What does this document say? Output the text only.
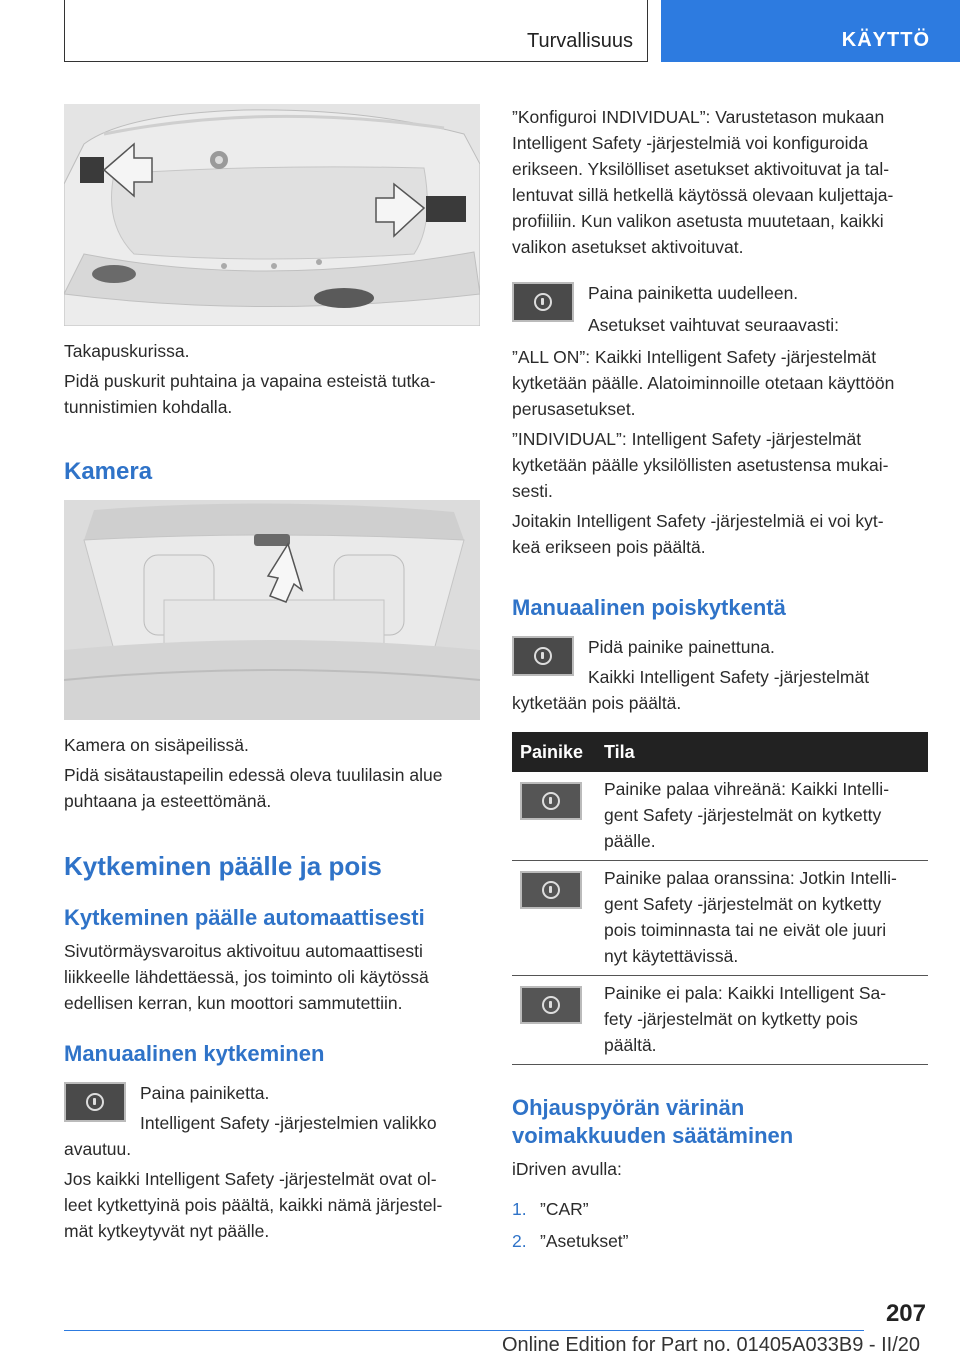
Turvallisuus	KÄYTTÖ

Takapuskurissa.

Pidä puskurit puhtaina ja vapaina esteistä tutka-

tunnistimien kohdalla.

Kamera

Kamera on sisäpeilissä.

Pidä sisätaustapeilin edessä oleva tuulilasin alue

puhtaana ja esteettömänä.

Kytkeminen päälle ja pois
Kytkeminen päälle automaattisesti

Sivutörmäysvaroitus aktivoituu automaattisesti

liikkeelle lähdettäessä, jos toiminto oli käytössä

edellisen kerran, kun moottori sammutettiin.

Manuaalinen kytkeminen

Paina painiketta.

Intelligent Safety -järjestelmien valikko

avautuu.

Jos kaikki Intelligent Safety -järjestelmät ovat ol-

leet kytkettyinä pois päältä, kaikki nämä järjestel-

mät kytkeytyvät nyt päälle.

”Konfiguroi INDIVIDUAL”: Varustetason mukaan

Intelligent Safety -järjestelmiä voi konfiguroida

erikseen. Yksilölliset asetukset aktivoituvat ja tal-

lentuvat sillä hetkellä käytössä olevaan kuljettaja-

profiiliin. Kun valikon asetusta muutetaan, kaikki

valikon asetukset aktivoituvat.

Paina painiketta uudelleen.

Asetukset vaihtuvat seuraavasti:

”ALL ON”: Kaikki Intelligent Safety -järjestelmät

kytketään päälle. Alatoiminnoille otetaan käyttöön

perusasetukset.

”INDIVIDUAL”: Intelligent Safety -järjestelmät

kytketään päälle yksilöllisten asetustensa mukai-

sesti.

Joitakin Intelligent Safety -järjestelmiä ei voi kyt-

keä erikseen pois päältä.

Manuaalinen poiskytkentä

Pidä painike painettuna.

Kaikki Intelligent Safety -järjestelmät

kytketään pois päältä.

Painike Tila

Painike palaa vihreänä: Kaikki Intelli-

gent Safety -järjestelmät on kytketty

päälle.

Painike palaa oranssina: Jotkin Intelli-

gent Safety -järjestelmät on kytketty

pois toiminnasta tai ne eivät ole juuri

nyt käytettävissä.

Painike ei pala: Kaikki Intelligent Sa-

fety -järjestelmät on kytketty pois

päältä.

Ohjauspyörän värinän
voimakkuuden säätäminen

iDriven avulla:

1. ”CAR”

2. ”Asetukset”

207
Online Edition for Part no. 01405A033B9 - II/20
